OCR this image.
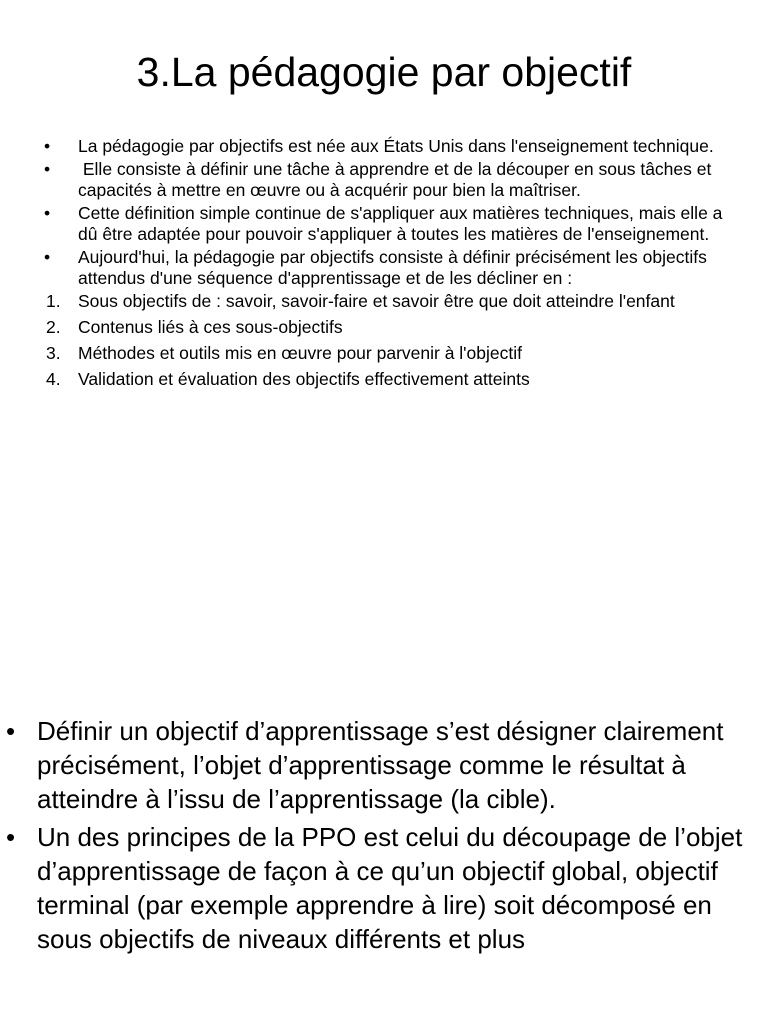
3.La pédagogie par objectif
•	La pédagogie par objectifs est née aux États Unis dans l'enseignement technique.
•	Elle consiste à définir une tâche à apprendre et de la découper en sous tâches et capacités à mettre en œuvre ou à acquérir pour bien la maîtriser.
•	Cette définition simple continue de s'appliquer aux matières techniques, mais elle a dû être adaptée pour pouvoir s'appliquer à toutes les matières de l'enseignement.
•	Aujourd'hui, la pédagogie par objectifs consiste à définir précisément les objectifs attendus d'une séquence d'apprentissage et de les décliner en :
1. Sous objectifs de : savoir, savoir-faire et savoir être que doit atteindre l'enfant
2. Contenus liés à ces sous-objectifs
3. Méthodes et outils mis en œuvre pour parvenir à l'objectif
4. Validation et évaluation des objectifs effectivement atteints
• Définir un objectif d’apprentissage s’est désigner clairement précisément, l’objet d’apprentissage comme le résultat à atteindre à l’issu de l’apprentissage (la cible).
• Un des principes de la PPO est celui du découpage de l’objet d’apprentissage de façon à ce qu’un objectif global, objectif terminal (par exemple apprendre à lire) soit décomposé en sous objectifs de niveaux différents et plus
